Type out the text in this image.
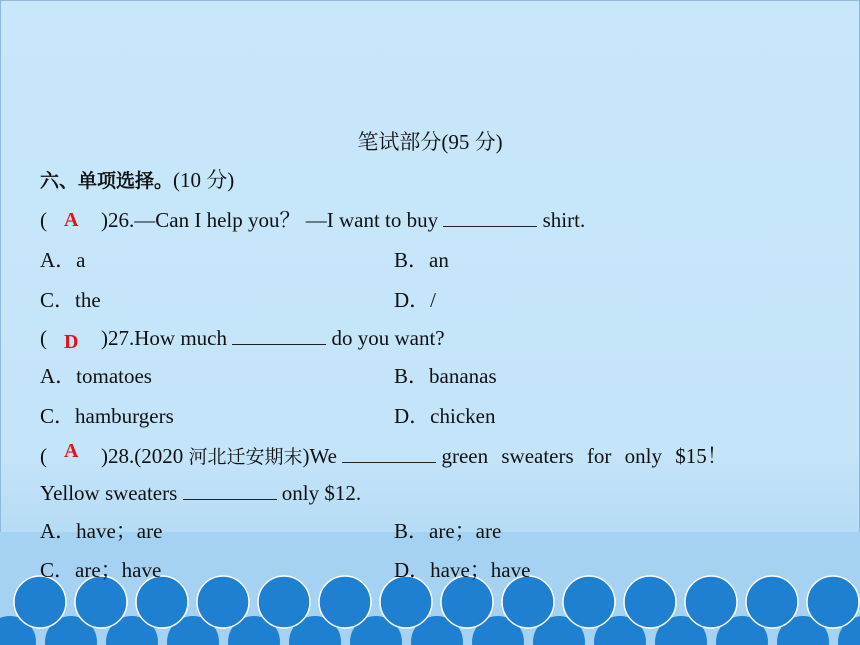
笔试部分(95 分)
六、单项选择。(10 分)
(	)26.—Can I help you？ —I want to buy	shirt.
A
A．a	B．an
C．the	D．/
(	)27.How much	do you want?
D
A．tomatoes	B．bananas
C．hamburgers	D．chicken
(	)28.(2020 河北迁安期末)We	green sweaters for only $15！
A
Yellow sweaters	only $12.
A．have；are	B．are；are
C．are；have	D．have；have
